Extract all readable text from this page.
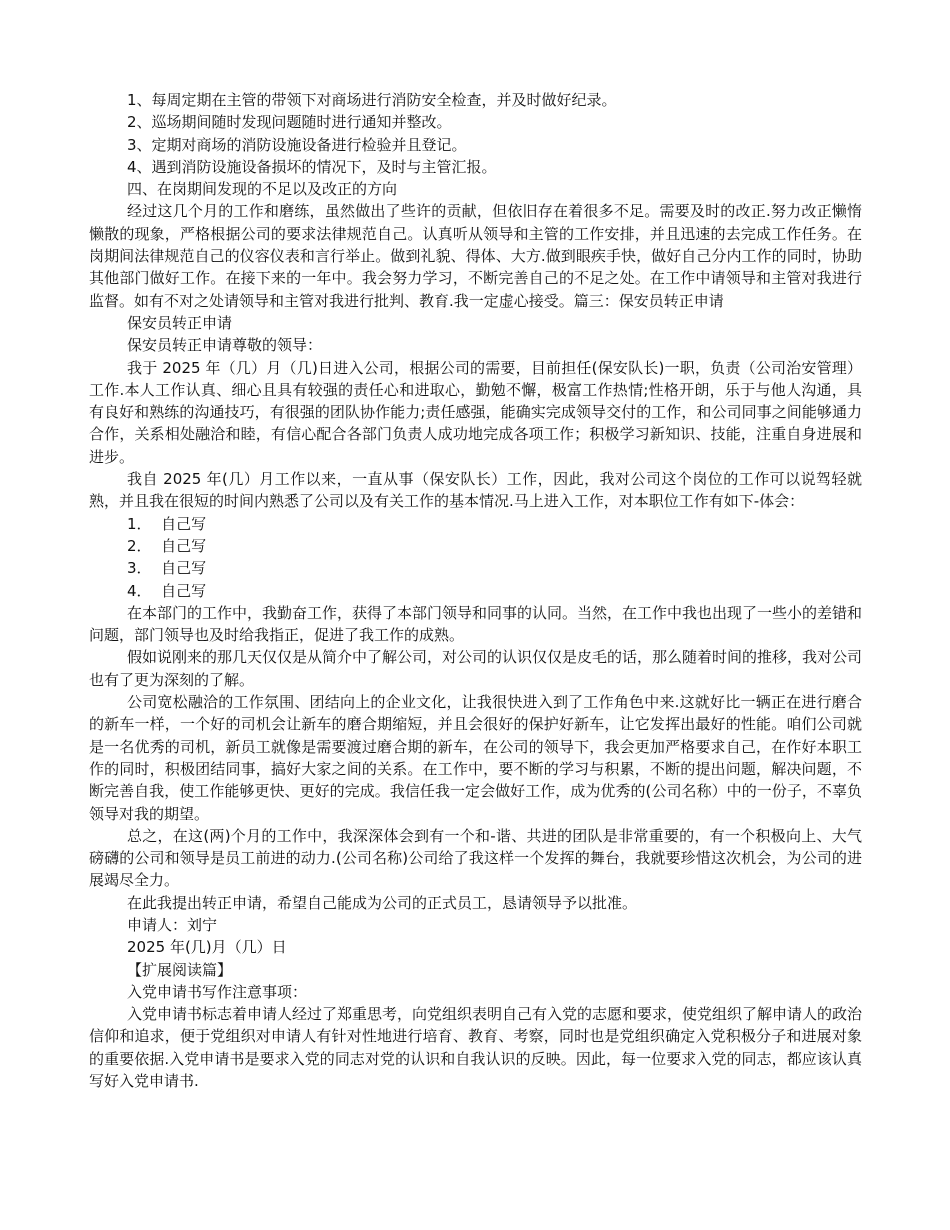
1、每周定期在主管的带领下对商场进行消防安全检查，并及时做好纪录。

2、巡场期间随时发现问题随时进行通知并整改。

3、定期对商场的消防设施设备进行检验并且登记。

4、遇到消防设施设备损坏的情况下，及时与主管汇报。

四、在岗期间发现的不足以及改正的方向

经过这几个月的工作和磨练，虽然做出了些许的贡献，但依旧存在着很多不足。需要及时的改正.努力改正懒惰懒散的现象，严格根据公司的要求法律规范自己。认真听从领导和主管的工作安排，并且迅速的去完成工作任务。在岗期间法律规范自己的仪容仪表和言行举止。做到礼貌、得体、大方.做到眼疾手快，做好自己分内工作的同时，协助其他部门做好工作。在接下来的一年中。我会努力学习，不断完善自己的不足之处。在工作中请领导和主管对我进行监督。如有不对之处请领导和主管对我进行批判、教育.我一定虚心接受。篇三：保安员转正申请

保安员转正申请

保安员转正申请尊敬的领导：

我于 2025 年（几）月（几)日进入公司，根据公司的需要，目前担任(保安队长)一职，负责（公司治安管理）工作.本人工作认真、细心且具有较强的责任心和进取心，勤勉不懈，极富工作热情;性格开朗，乐于与他人沟通，具有良好和熟练的沟通技巧，有很强的团队协作能力;责任感强，能确实完成领导交付的工作，和公司同事之间能够通力合作，关系相处融洽和睦，有信心配合各部门负责人成功地完成各项工作；积极学习新知识、技能，注重自身进展和进步。

我自 2025 年(几）月工作以来，一直从事（保安队长）工作，因此，我对公司这个岗位的工作可以说驾轻就熟，并且我在很短的时间内熟悉了公司以及有关工作的基本情况.马上进入工作，对本职位工作有如下-体会：

1．  自己写

2．  自己写

3．  自己写

4．  自己写

在本部门的工作中，我勤奋工作，获得了本部门领导和同事的认同。当然，在工作中我也出现了一些小的差错和问题，部门领导也及时给我指正，促进了我工作的成熟。

假如说刚来的那几天仅仅是从简介中了解公司，对公司的认识仅仅是皮毛的话，那么随着时间的推移，我对公司也有了更为深刻的了解。

公司宽松融洽的工作氛围、团结向上的企业文化，让我很快进入到了工作角色中来.这就好比一辆正在进行磨合的新车一样，一个好的司机会让新车的磨合期缩短，并且会很好的保护好新车，让它发挥出最好的性能。咱们公司就是一名优秀的司机，新员工就像是需要渡过磨合期的新车，在公司的领导下，我会更加严格要求自己，在作好本职工作的同时，积极团结同事，搞好大家之间的关系。在工作中，要不断的学习与积累，不断的提出问题，解决问题，不断完善自我，使工作能够更快、更好的完成。我信任我一定会做好工作，成为优秀的(公司名称）中的一份子，不辜负领导对我的期望。

总之，在这(两)个月的工作中，我深深体会到有一个和-谐、共进的团队是非常重要的，有一个积极向上、大气磅礴的公司和领导是员工前进的动力.(公司名称)公司给了我这样一个发挥的舞台，我就要珍惜这次机会，为公司的进展竭尽全力。

在此我提出转正申请，希望自己能成为公司的正式员工，恳请领导予以批准。

申请人：刘宁

2025 年(几)月（几）日

【扩展阅读篇】

入党申请书写作注意事项：

入党申请书标志着申请人经过了郑重思考，向党组织表明自己有入党的志愿和要求，使党组织了解申请人的政治信仰和追求，便于党组织对申请人有针对性地进行培育、教育、考察，同时也是党组织确定入党积极分子和进展对象的重要依据.入党申请书是要求入党的同志对党的认识和自我认识的反映。因此，每一位要求入党的同志，都应该认真写好入党申请书.
